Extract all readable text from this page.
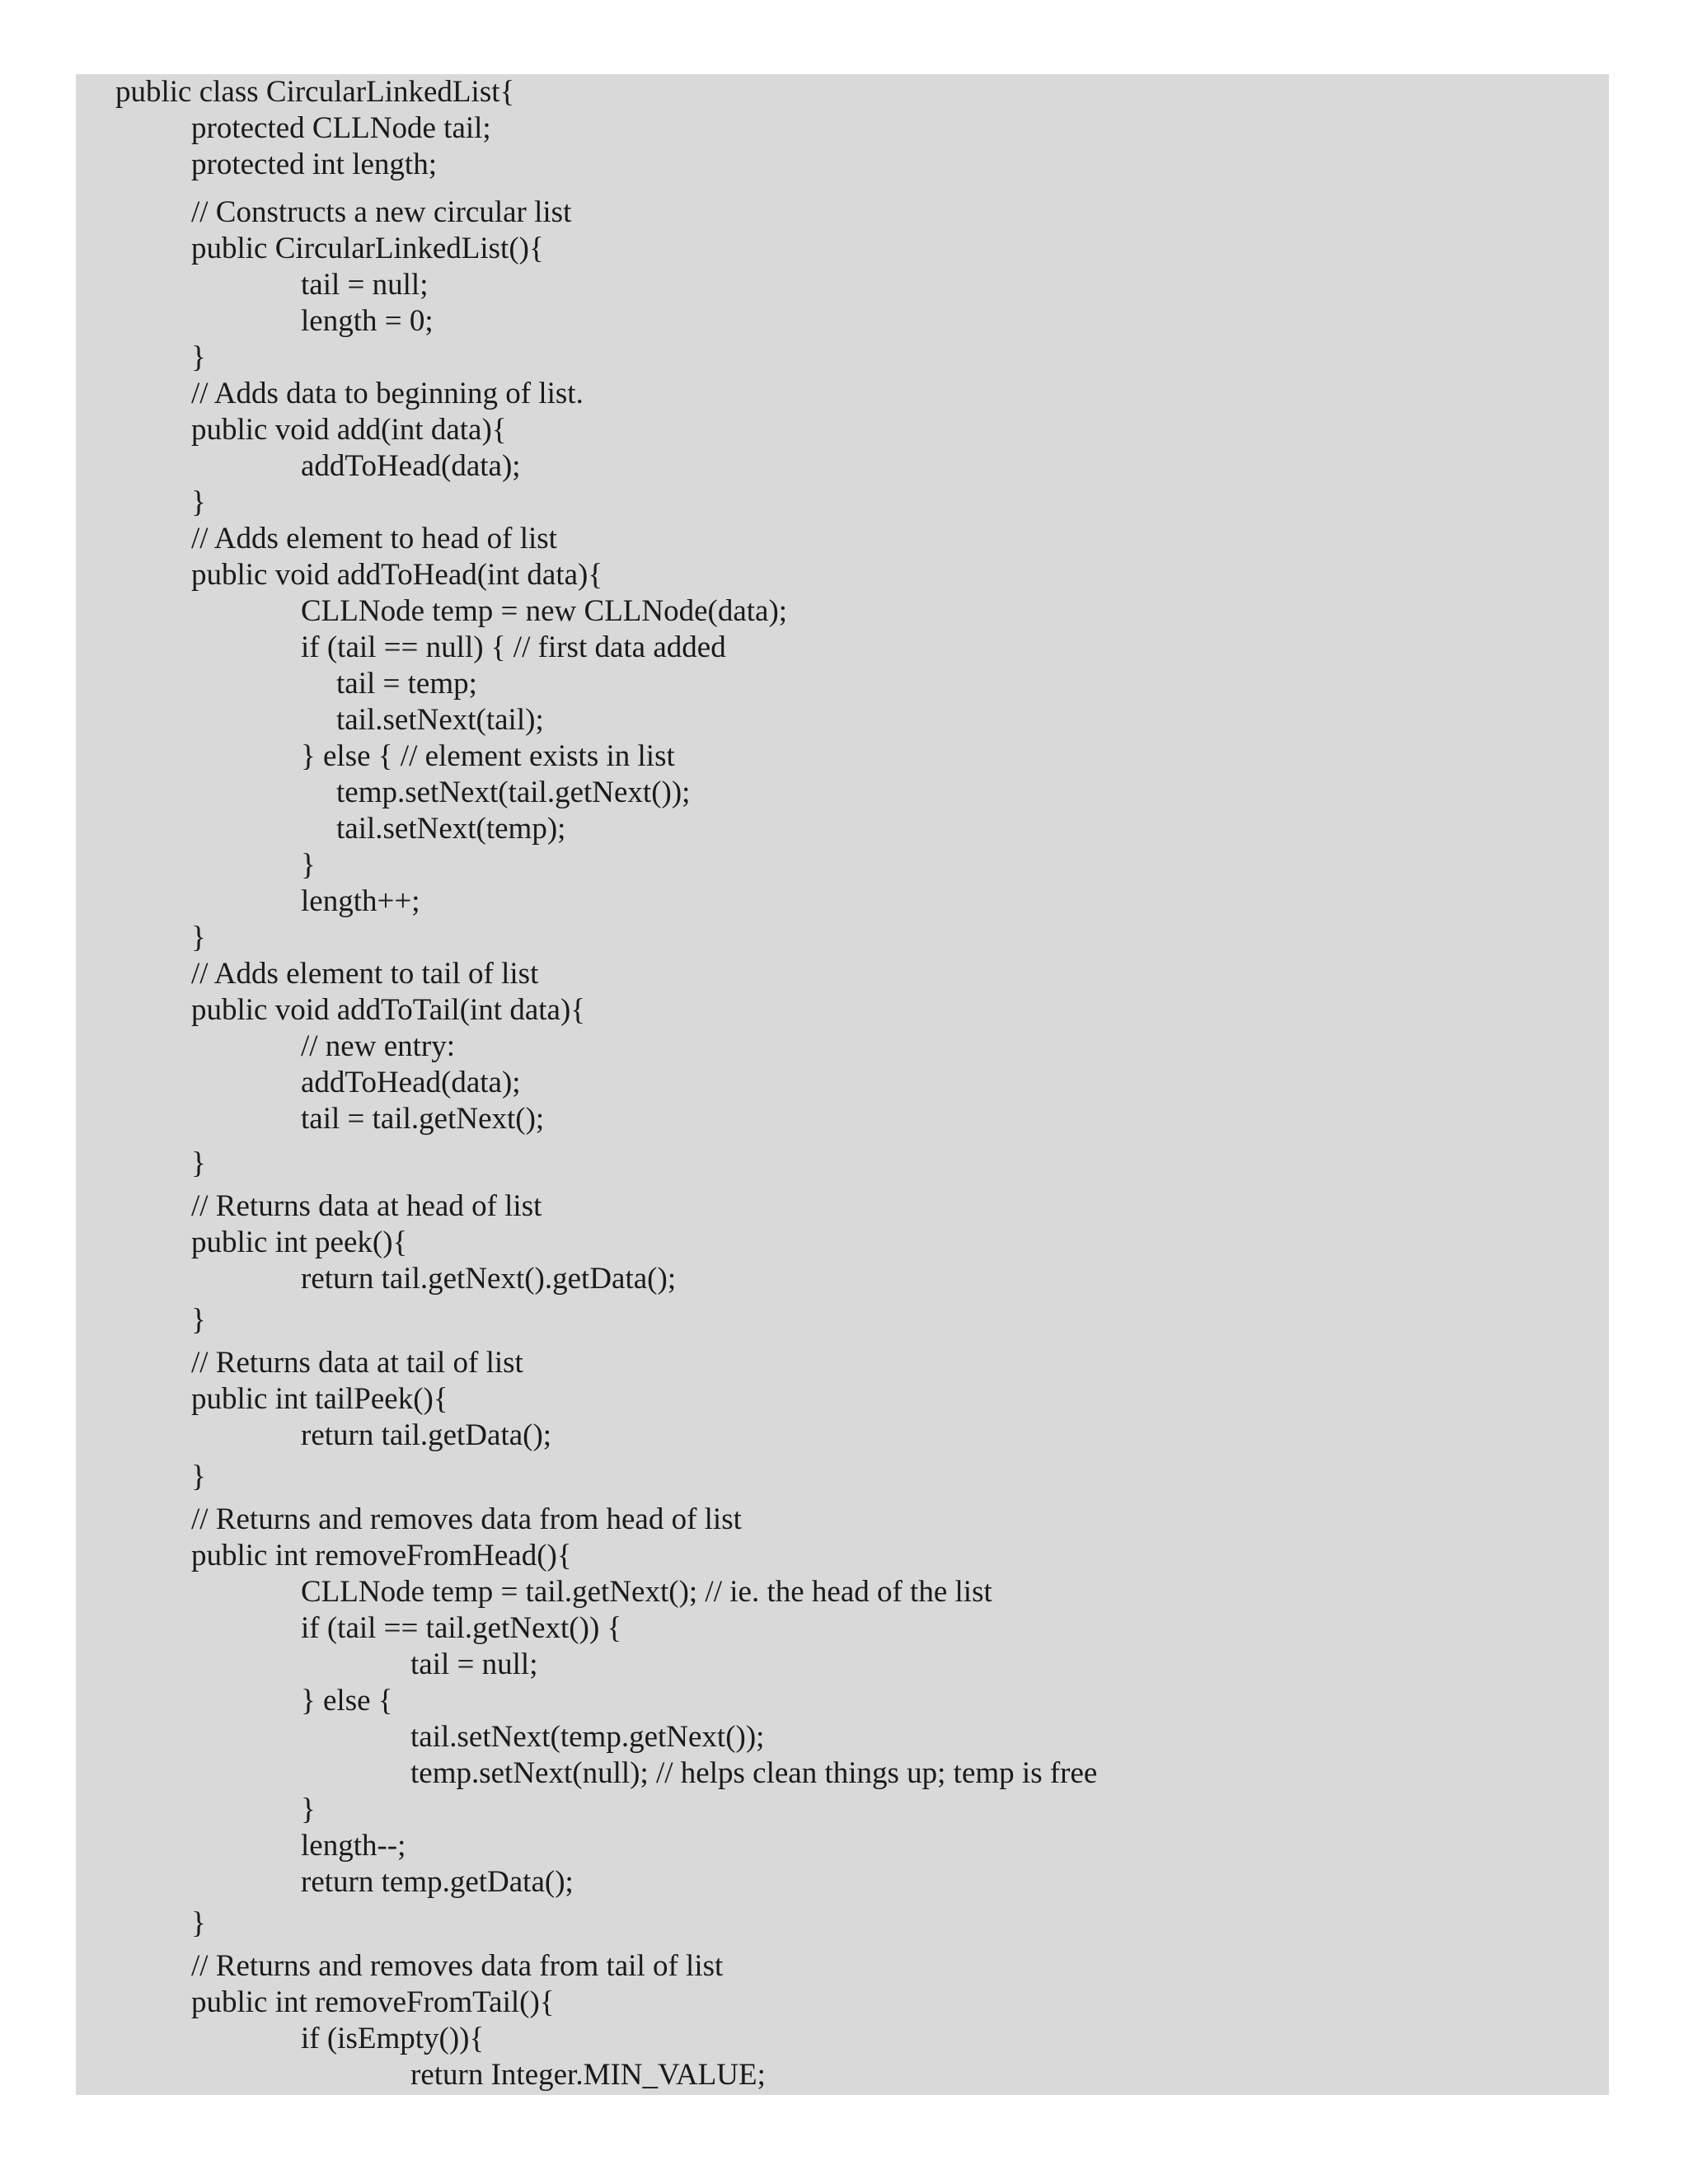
public class CircularLinkedList{
protected CLLNode tail;
protected int length;
// Constructs a new circular list
public CircularLinkedList(){
tail = null;
length = 0;
}
// Adds data to beginning of list.
public void add(int data){
addToHead(data);
}
// Adds element to head of list
public void addToHead(int data){
CLLNode temp = new CLLNode(data);
if (tail == null) { // first data added
tail = temp;
tail.setNext(tail);
} else { // element exists in list
temp.setNext(tail.getNext());
tail.setNext(temp);
}
length++;
}
// Adds element to tail of list
public void addToTail(int data){
// new entry:
addToHead(data);
tail = tail.getNext();
}
// Returns data at head of list
public int peek(){
return tail.getNext().getData();
}
// Returns data at tail of list
public int tailPeek(){
return tail.getData();
}
// Returns and removes data from head of list
public int removeFromHead(){
CLLNode temp = tail.getNext(); // ie. the head of the list
if (tail == tail.getNext()) {
tail = null;
} else {
tail.setNext(temp.getNext());
temp.setNext(null); // helps clean things up; temp is free
}
length--;
return temp.getData();
}
// Returns and removes data from tail of list
public int removeFromTail(){
if (isEmpty()){
return Integer.MIN_VALUE;
